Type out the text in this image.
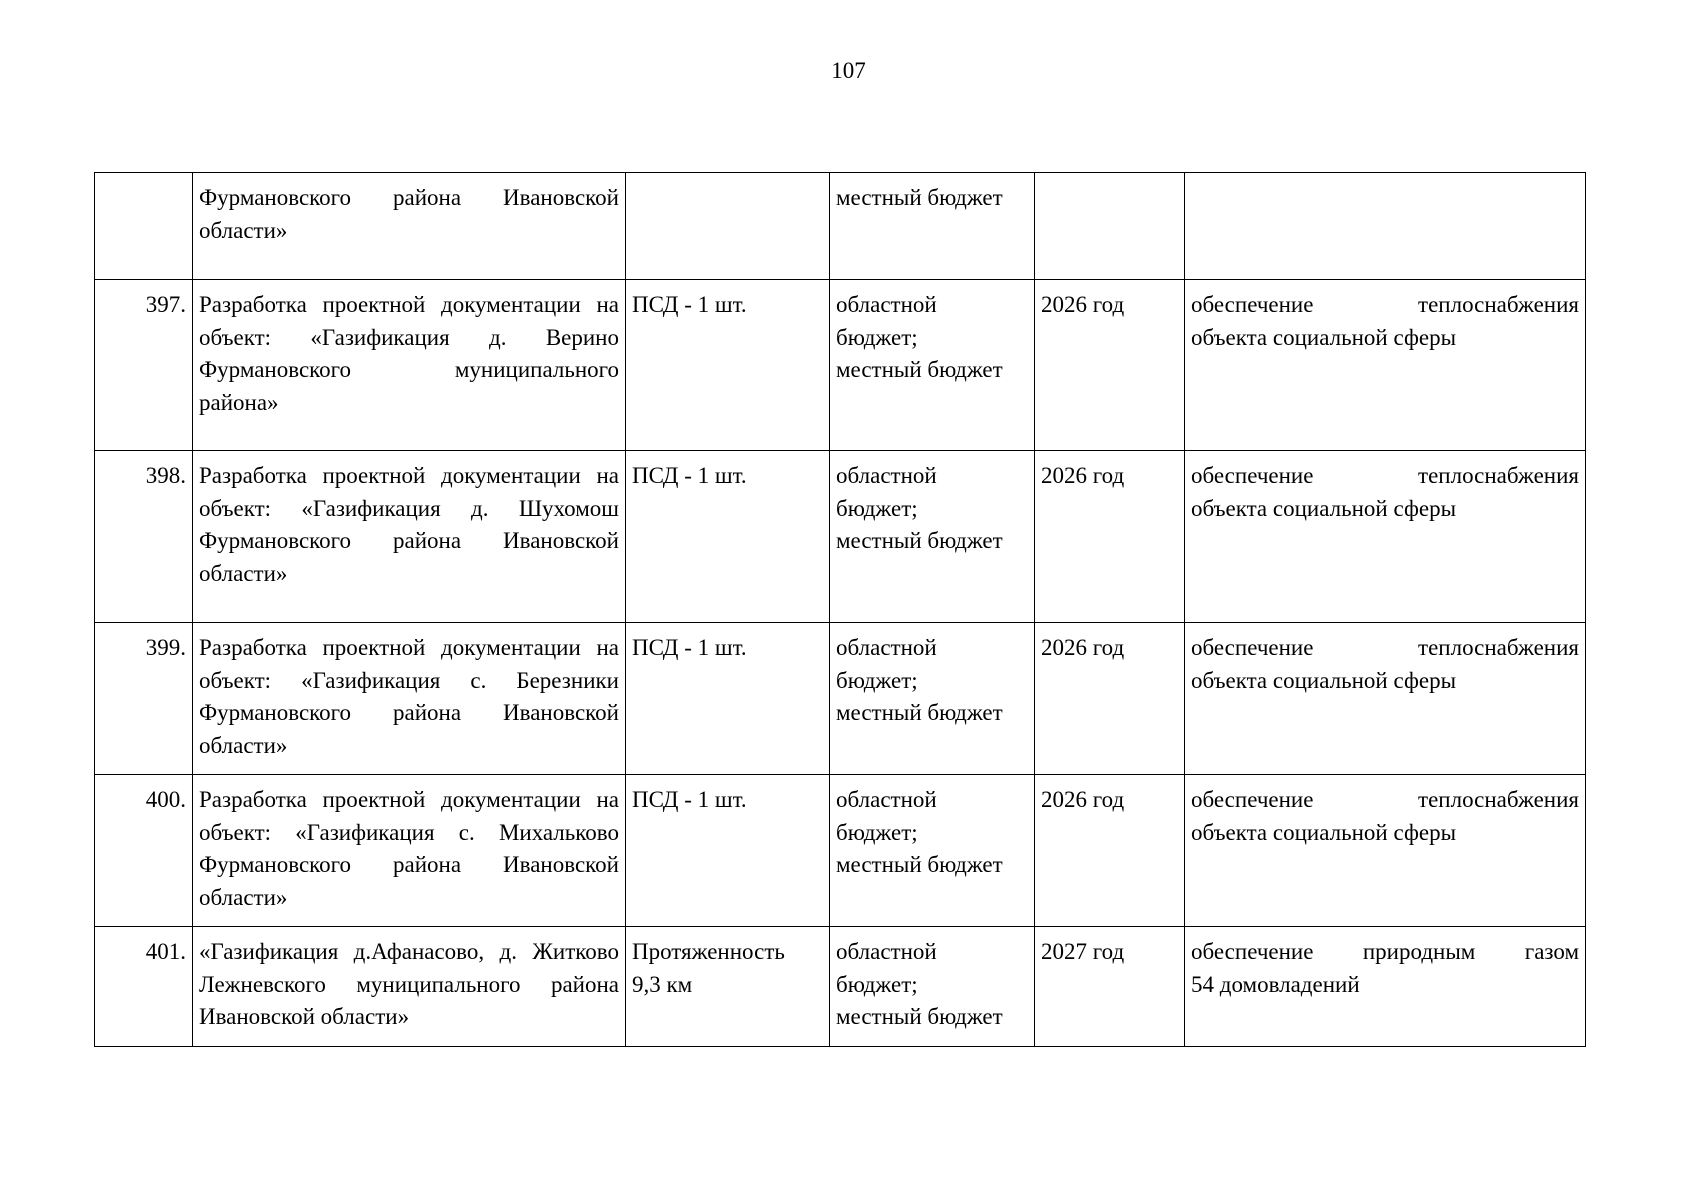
107

	Фурмановского района Ивановской
области»		местный бюджет		

397.	Разработка проектной документации на
объект: «Газификация д. Верино
Фурмановского муниципального
района»	ПСД - 1 шт.	областной
бюджет;
местный бюджет	2026 год	обеспечение теплоснабжения
объекта социальной сферы

398.	Разработка проектной документации на
объект: «Газификация д. Шухомош
Фурмановского района Ивановской
области»	ПСД - 1 шт.	областной
бюджет;
местный бюджет	2026 год	обеспечение теплоснабжения
объекта социальной сферы

399.	Разработка проектной документации на
объект: «Газификация с. Березники
Фурмановского района Ивановской
области»	ПСД - 1 шт.	областной
бюджет;
местный бюджет	2026 год	обеспечение теплоснабжения
объекта социальной сферы

400.	Разработка проектной документации на
объект: «Газификация с. Михальково
Фурмановского района Ивановской
области»	ПСД - 1 шт.	областной
бюджет;
местный бюджет	2026 год	обеспечение теплоснабжения
объекта социальной сферы

401.	«Газификация д.Афанасово, д. Житково
Лежневского муниципального района
Ивановской области»	Протяженность
9,3 км	областной
бюджет;
местный бюджет	2027 год	обеспечение природным газом
54 домовладений
